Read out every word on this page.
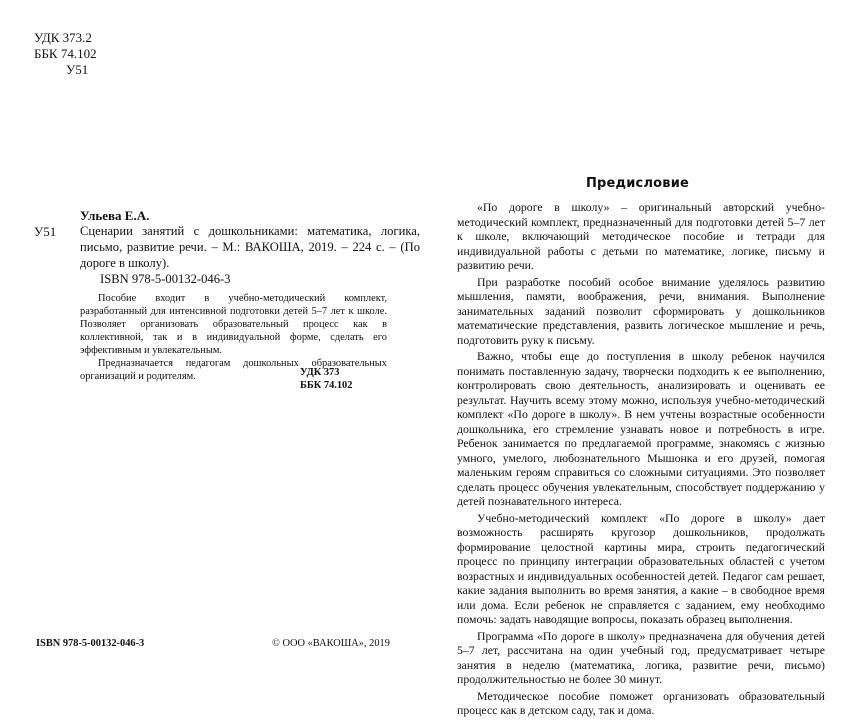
УДК 373.2
ББК 74.102
У51
У51
Ульева Е.А.
Сценарии занятий с дошкольниками: математика, логика, письмо, развитие речи. – М.: ВАКОША, 2019. – 224 с. – (По дороге в школу).
ISBN 978-5-00132-046-3

Пособие входит в учебно-методический комплект, разработанный для интенсивной подготовки детей 5–7 лет к школе. Позволяет организовать образовательный процесс как в коллективной, так и в индивидуальной форме, сделать его эффективным и увлекательным.

Предназначается педагогам дошкольных образовательных организаций и родителям.	УДК 373
ББК 74.102
ISBN 978-5-00132-046-3	© ООО «ВАКОША», 2019
Предисловие

«По дороге в школу» – оригинальный авторский учебно-методический комплект, предназначенный для подготовки детей 5–7 лет к школе, включающий методическое пособие и тетради для индивидуальной работы с детьми по математике, логике, письму и развитию речи.

При разработке пособий особое внимание уделялось развитию мышления, памяти, воображения, речи, внимания. Выполнение занимательных заданий позволит сформировать у дошкольников математические представления, развить логическое мышление и речь, подготовить руку к письму.

Важно, чтобы еще до поступления в школу ребенок научился понимать поставленную задачу, творчески подходить к ее выполнению, контролировать свою деятельность, анализировать и оценивать ее результат. Научить всему этому можно, используя учебно-методический комплект «По дороге в школу». В нем учтены возрастные особенности дошкольника, его стремление узнавать новое и потребность в игре. Ребенок занимается по предлагаемой программе, знакомясь с жизнью умного, умелого, любознательного Мышонка и его друзей, помогая маленьким героям справиться со сложными ситуациями. Это позволяет сделать процесс обучения увлекательным, способствует поддержанию у детей познавательного интереса.

Учебно-методический комплект «По дороге в школу» дает возможность расширять кругозор дошкольников, продолжать формирование целостной картины мира, строить педагогический процесс по принципу интеграции образовательных областей с учетом возрастных и индивидуальных особенностей детей. Педагог сам решает, какие задания выполнить во время занятия, а какие – в свободное время или дома. Если ребенок не справляется с заданием, ему необходимо помочь: задать наводящие вопросы, показать образец выполнения.

Программа «По дороге в школу» предназначена для обучения детей 5–7 лет, рассчитана на один учебный год, предусматривает четыре занятия в неделю (математика, логика, развитие речи, письмо) продолжительностью не более 30 минут.

Методическое пособие поможет организовать образовательный процесс как в детском саду, так и дома.
